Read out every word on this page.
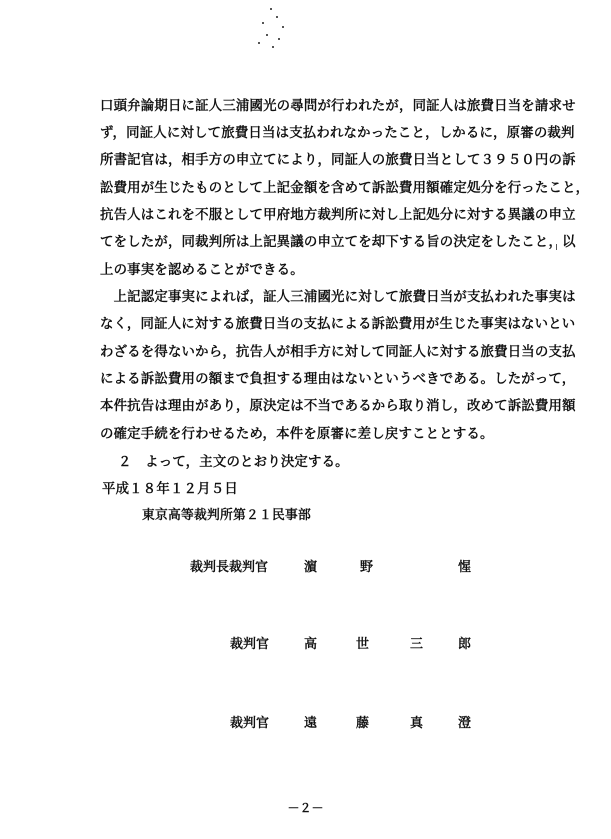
口頭弁論期日に証人三浦國光の尋問が行われたが，同証人は旅費日当を請求せ
ず，同証人に対して旅費日当は支払われなかったこと，しかるに，原審の裁判
所書記官は，相手方の申立てにより，同証人の旅費日当として３９５０円の訴
訟費用が生じたものとして上記金額を含めて訴訟費用額確定処分を行ったこと，
抗告人はこれを不服として甲府地方裁判所に対し上記処分に対する異議の申立
てをしたが，同裁判所は上記異議の申立てを却下する旨の決定をしたこと，以
上の事実を認めることができる。
　上記認定事実によれば，証人三浦國光に対して旅費日当が支払われた事実は
なく，同証人に対する旅費日当の支払による訴訟費用が生じた事実はないとい
わざるを得ないから，抗告人が相手方に対して同証人に対する旅費日当の支払
による訴訟費用の額まで負担する理由はないというべきである。したがって，
本件抗告は理由があり，原決定は不当であるから取り消し，改めて訴訟費用額
の確定手続を行わせるため，本件を原審に差し戻すこととする。
２　よって，主文のとおり決定する。
平成１８年１２月５日
東京高等裁判所第２１民事部
裁判長裁判官	濵	野	惺
裁判官	高	世	三	郎
裁判官	遠	藤	真	澄
－２－
